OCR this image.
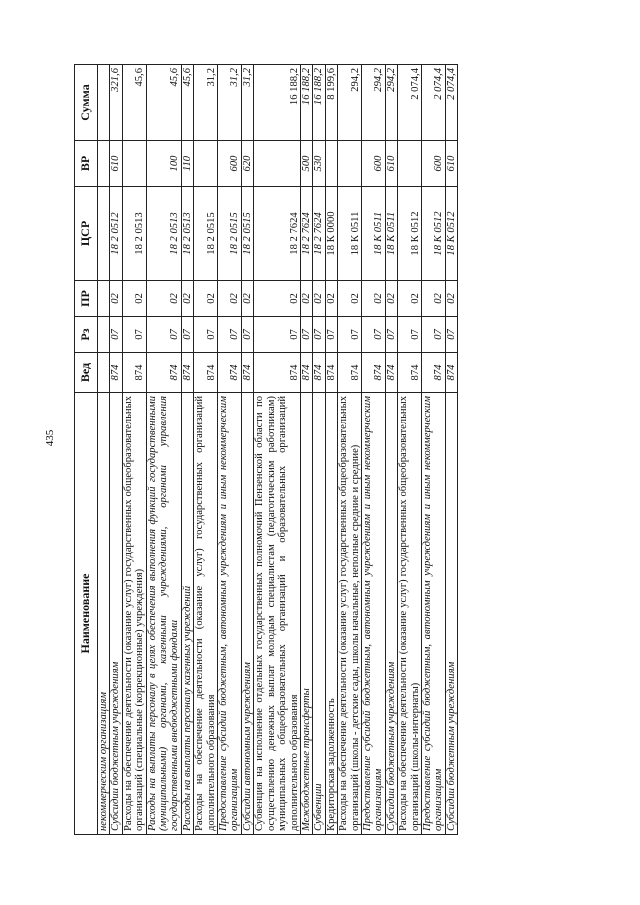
435
Наименование	Вед	Рз	ПР	ЦСР	ВР	Сумма
некоммерческим организациям						
Субсидии бюджетным учреждениям	874	07	02	18 2 0512	610	321,6
Расходы на обеспечение деятельности (оказание услуг) государственных общеобразовательных организаций (специальные (коррекционные) учреждения)	874	07	02	18 2 0513		45,6
Расходы на выплаты персоналу в целях обеспечения выполнения функций государственными (муниципальными) органами, казенными учреждениями, органами управления государственными внебюджетными фондами	874	07	02	18 2 0513	100	45,6
Расходы на выплаты персоналу казенных учреждений	874	07	02	18 2 0513	110	45,6
Расходы на обеспечение деятельности (оказание услуг) государственных организаций дополнительного образования	874	07	02	18 2 0515		31,2
Предоставление субсидий бюджетным, автономным учреждениям и иным некоммерческим организациям	874	07	02	18 2 0515	600	31,2
Субсидии автономным учреждениям	874	07	02	18 2 0515	620	31,2
Субвенция на исполнение отдельных государственных полномочий Пензенской области по осуществлению денежных выплат молодым специалистам (педагогическим работникам) муниципальных общеобразовательных организаций и образовательных организаций дополнительного образования	874	07	02	18 2 7624		16 188,2
Межбюджетные трансферты	874	07	02	18 2 7624	500	16 188,2
Субвенции	874	07	02	18 2 7624	530	16 188,2
Кредиторская задолженность	874	07	02	18 К 0000		8 199,6
Расходы на обеспечение деятельности (оказание услуг) государственных общеобразовательных организаций (школы - детские сады, школы начальные, неполные средние и средние)	874	07	02	18 К 0511		294,2
Предоставление субсидий бюджетным, автономным учреждениям и иным некоммерческим организациям	874	07	02	18 К 0511	600	294,2
Субсидии бюджетным учреждениям	874	07	02	18 К 0511	610	294,2
Расходы на обеспечение деятельности (оказание услуг) государственных общеобразовательных организаций (школы-интернаты)	874	07	02	18 К 0512		2 074,4
Предоставление субсидий бюджетным, автономным учреждениям и иным некоммерческим организациям	874	07	02	18 К 0512	600	2 074,4
Субсидии бюджетным учреждениям	874	07	02	18 К 0512	610	2 074,4
